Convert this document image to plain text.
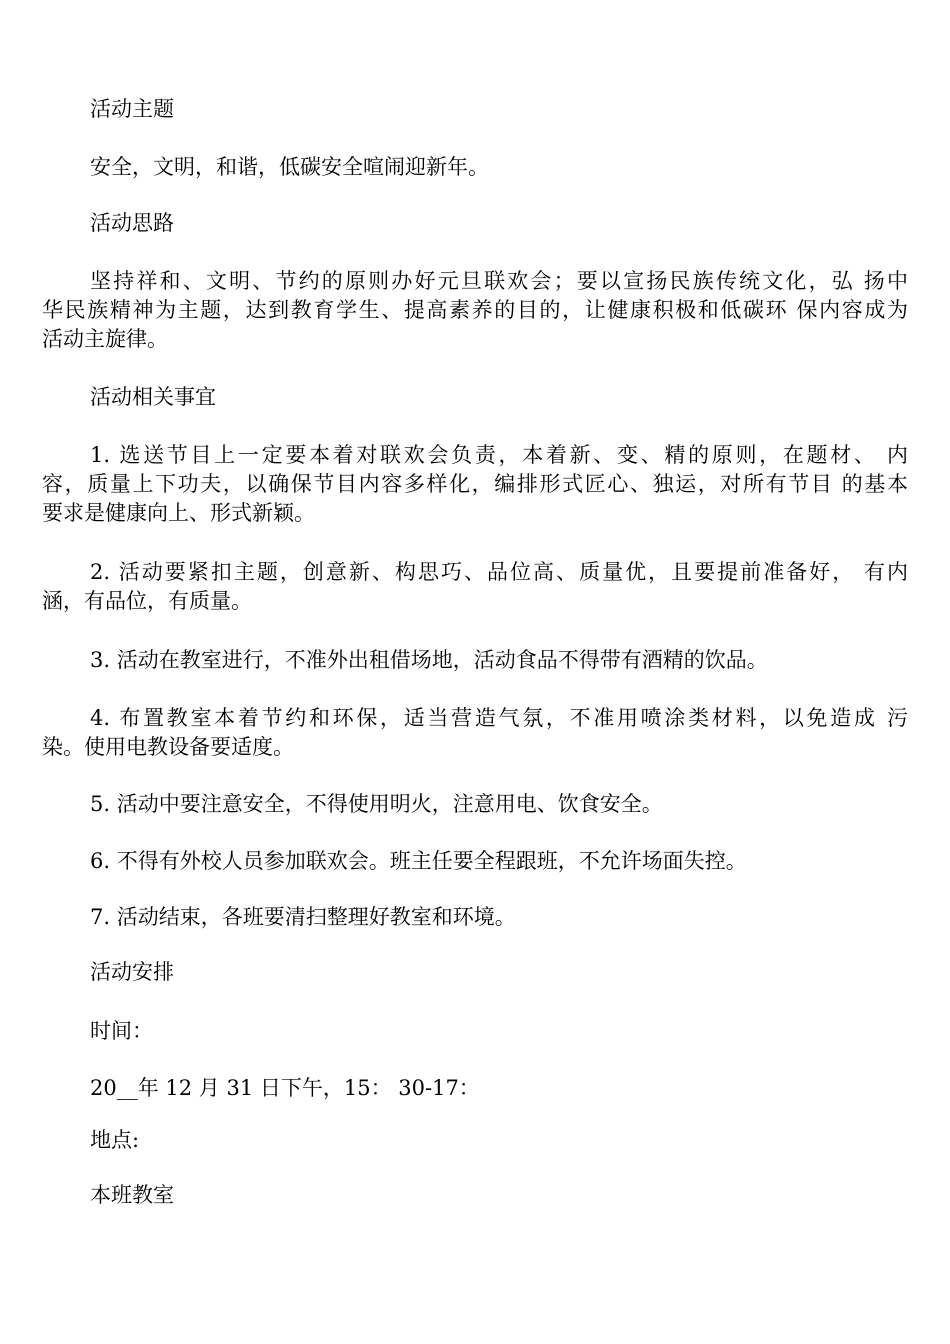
活动主题

安全，文明，和谐，低碳安全喧闹迎新年。

活动思路

坚持祥和、文明、节约的原则办好元旦联欢会；要以宣扬民族传统文化，弘 扬中
华民族精神为主题，达到教育学生、提高素养的目的，让健康积极和低碳环 保内容成为
活动主旋律。

活动相关事宜

1. 选送节目上一定要本着对联欢会负责，本着新、变、精的原则，在题材、 内
容，质量上下功夫，以确保节目内容多样化，编排形式匠心、独运，对所有节目 的基本
要求是健康向上、形式新颖。
2. 活动要紧扣主题，创意新、构思巧、品位高、质量优，且要提前准备好， 有内
涵，有品位，有质量。

3. 活动在教室进行，不准外出租借场地，活动食品不得带有酒精的饮品。

4. 布置教室本着节约和环保，适当营造气氛，不准用喷涂类材料，以免造成 污
染。使用电教设备要适度。

5. 活动中要注意安全，不得使用明火，注意用电、饮食安全。

6. 不得有外校人员参加联欢会。班主任要全程跟班，不允许场面失控。

7. 活动结束，各班要清扫整理好教室和环境。

活动安排

时间：

20__年 12 月 31 日下午，15： 30-17：

地点:

本班教室
